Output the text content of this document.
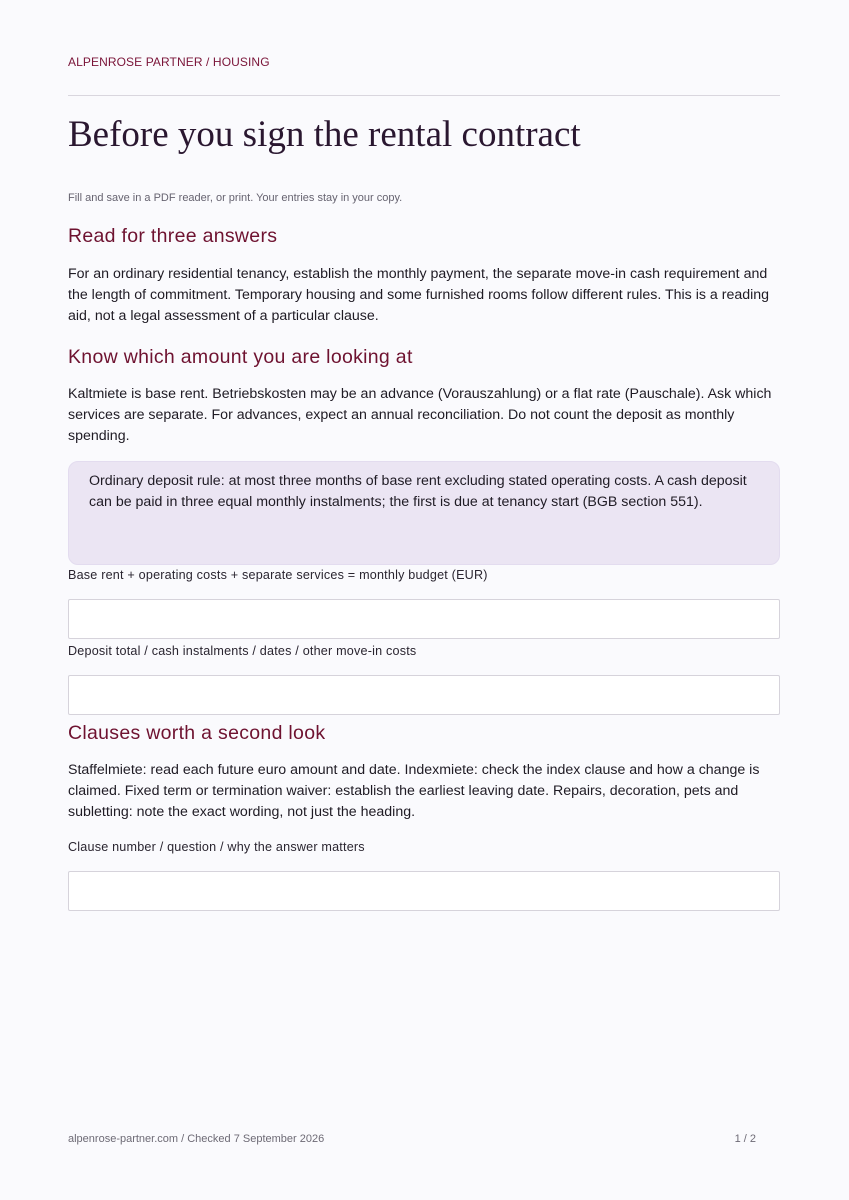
ALPENROSE PARTNER / HOUSING
Before you sign the rental contract
Fill and save in a PDF reader, or print. Your entries stay in your copy.
Read for three answers

For an ordinary residential tenancy, establish the monthly payment, the separate move-in cash requirement and the length of commitment. Temporary housing and some furnished rooms follow different rules. This is a reading aid, not a legal assessment of a particular clause.

Know which amount you are looking at

Kaltmiete is base rent. Betriebskosten may be an advance (Vorauszahlung) or a flat rate (Pauschale). Ask which services are separate. For advances, expect an annual reconciliation. Do not count the deposit as monthly spending.

Ordinary deposit rule: at most three months of base rent excluding stated operating costs. A cash deposit can be paid in three equal monthly instalments; the first is due at tenancy start (BGB section 551).
Base rent + operating costs + separate services = monthly budget (EUR)
Deposit total / cash instalments / dates / other move-in costs
Clauses worth a second look

Staffelmiete: read each future euro amount and date. Indexmiete: check the index clause and how a change is claimed. Fixed term or termination waiver: establish the earliest leaving date. Repairs, decoration, pets and subletting: note the exact wording, not just the heading.

Clause number / question / why the answer matters
alpenrose-partner.com / Checked 7 September 2026	1 / 2
